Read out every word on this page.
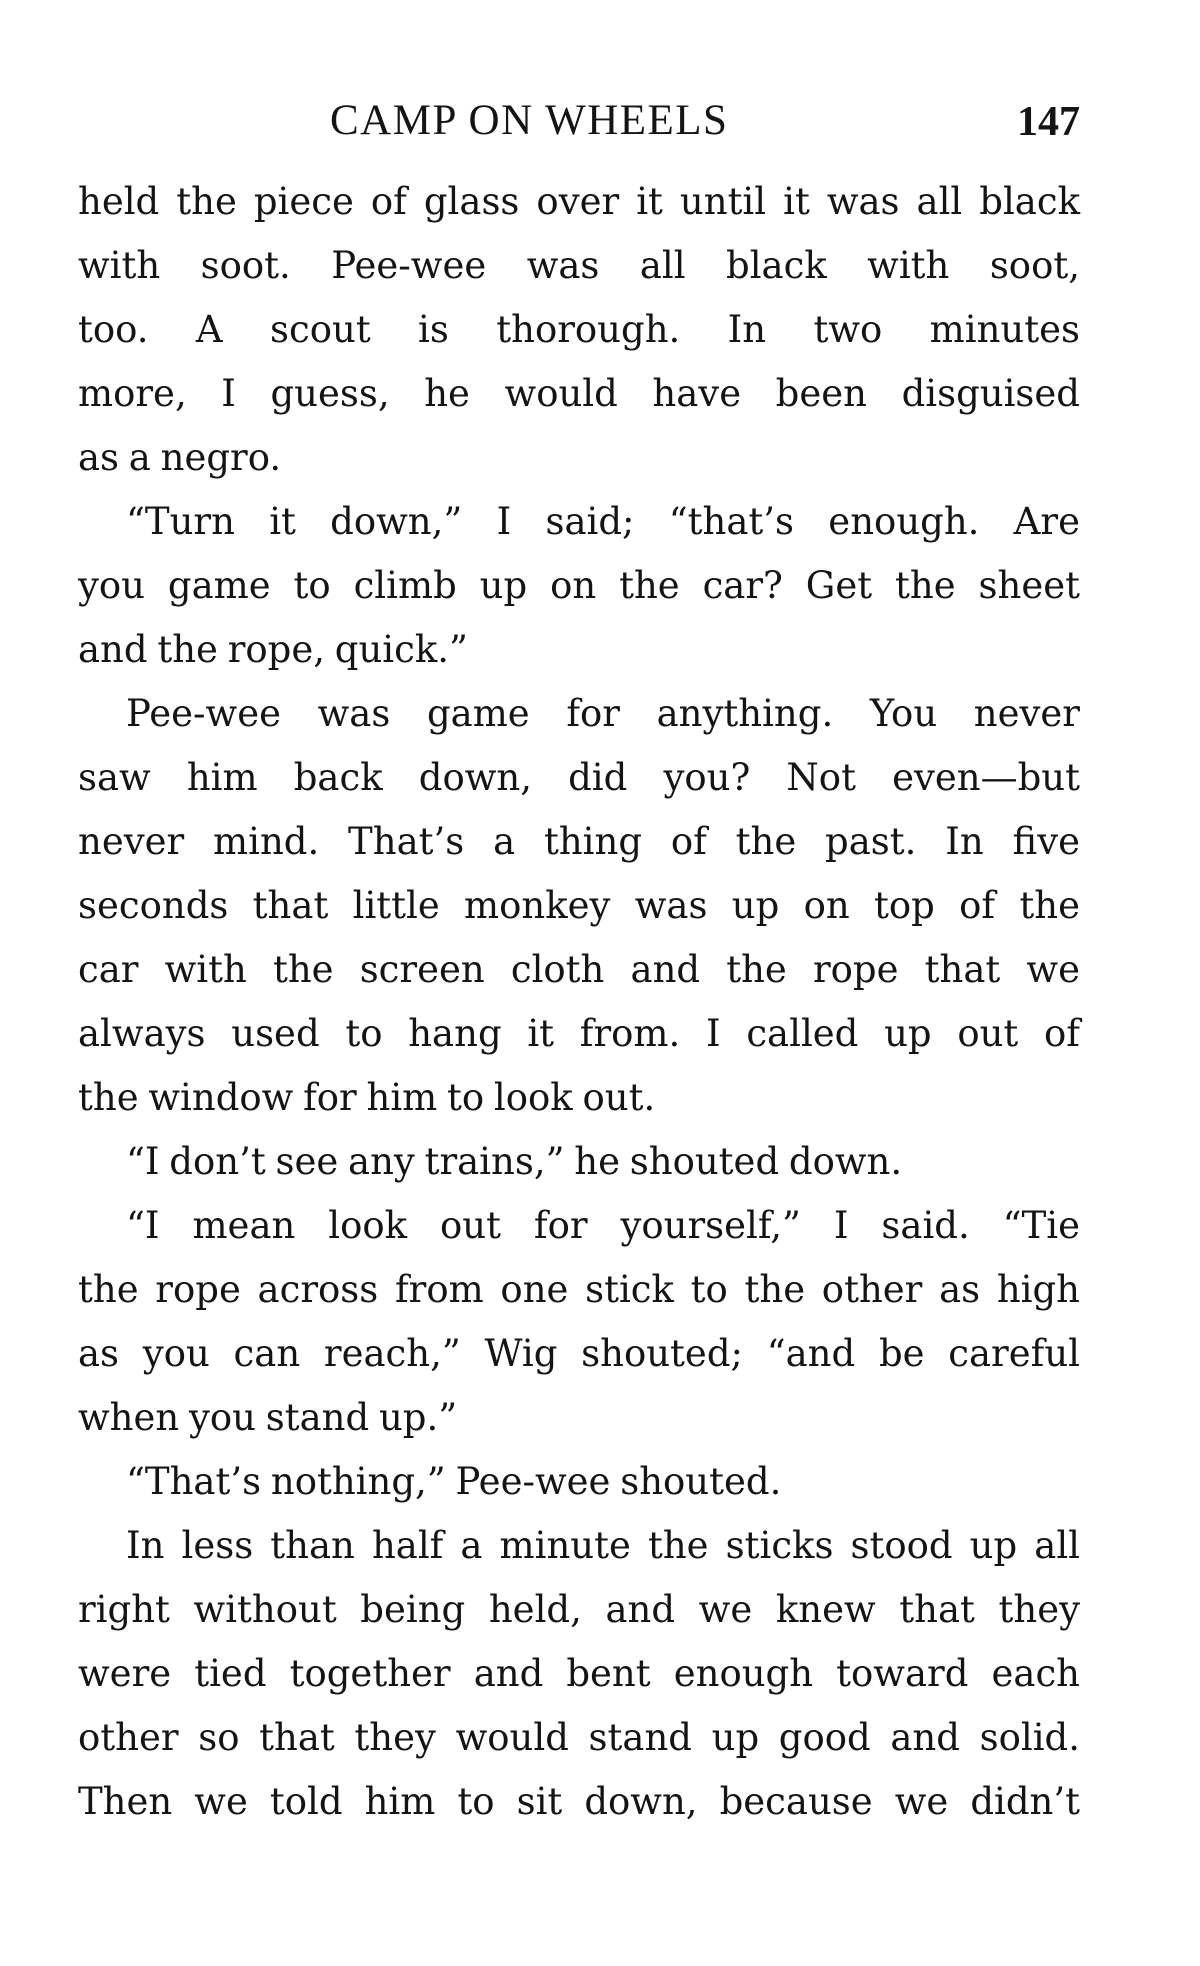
CAMP ON WHEELS	147
held the piece of glass over it until it was all black
with soot. Pee-wee was all black with soot,
too. A scout is thorough. In two minutes
more, I guess, he would have been disguised
as a negro.
“Turn it down,” I said; “that’s enough. Are
you game to climb up on the car? Get the sheet
and the rope, quick.”
Pee-wee was game for anything. You never
saw him back down, did you? Not even—but
never mind. That’s a thing of the past. In five
seconds that little monkey was up on top of the
car with the screen cloth and the rope that we
always used to hang it from. I called up out of
the window for him to look out.
“I don’t see any trains,” he shouted down.
“I mean look out for yourself,” I said. “Tie
the rope across from one stick to the other as high
as you can reach,” Wig shouted; “and be careful
when you stand up.”
“That’s nothing,” Pee-wee shouted.
In less than half a minute the sticks stood up all
right without being held, and we knew that they
were tied together and bent enough toward each
other so that they would stand up good and solid.
Then we told him to sit down, because we didn’t
